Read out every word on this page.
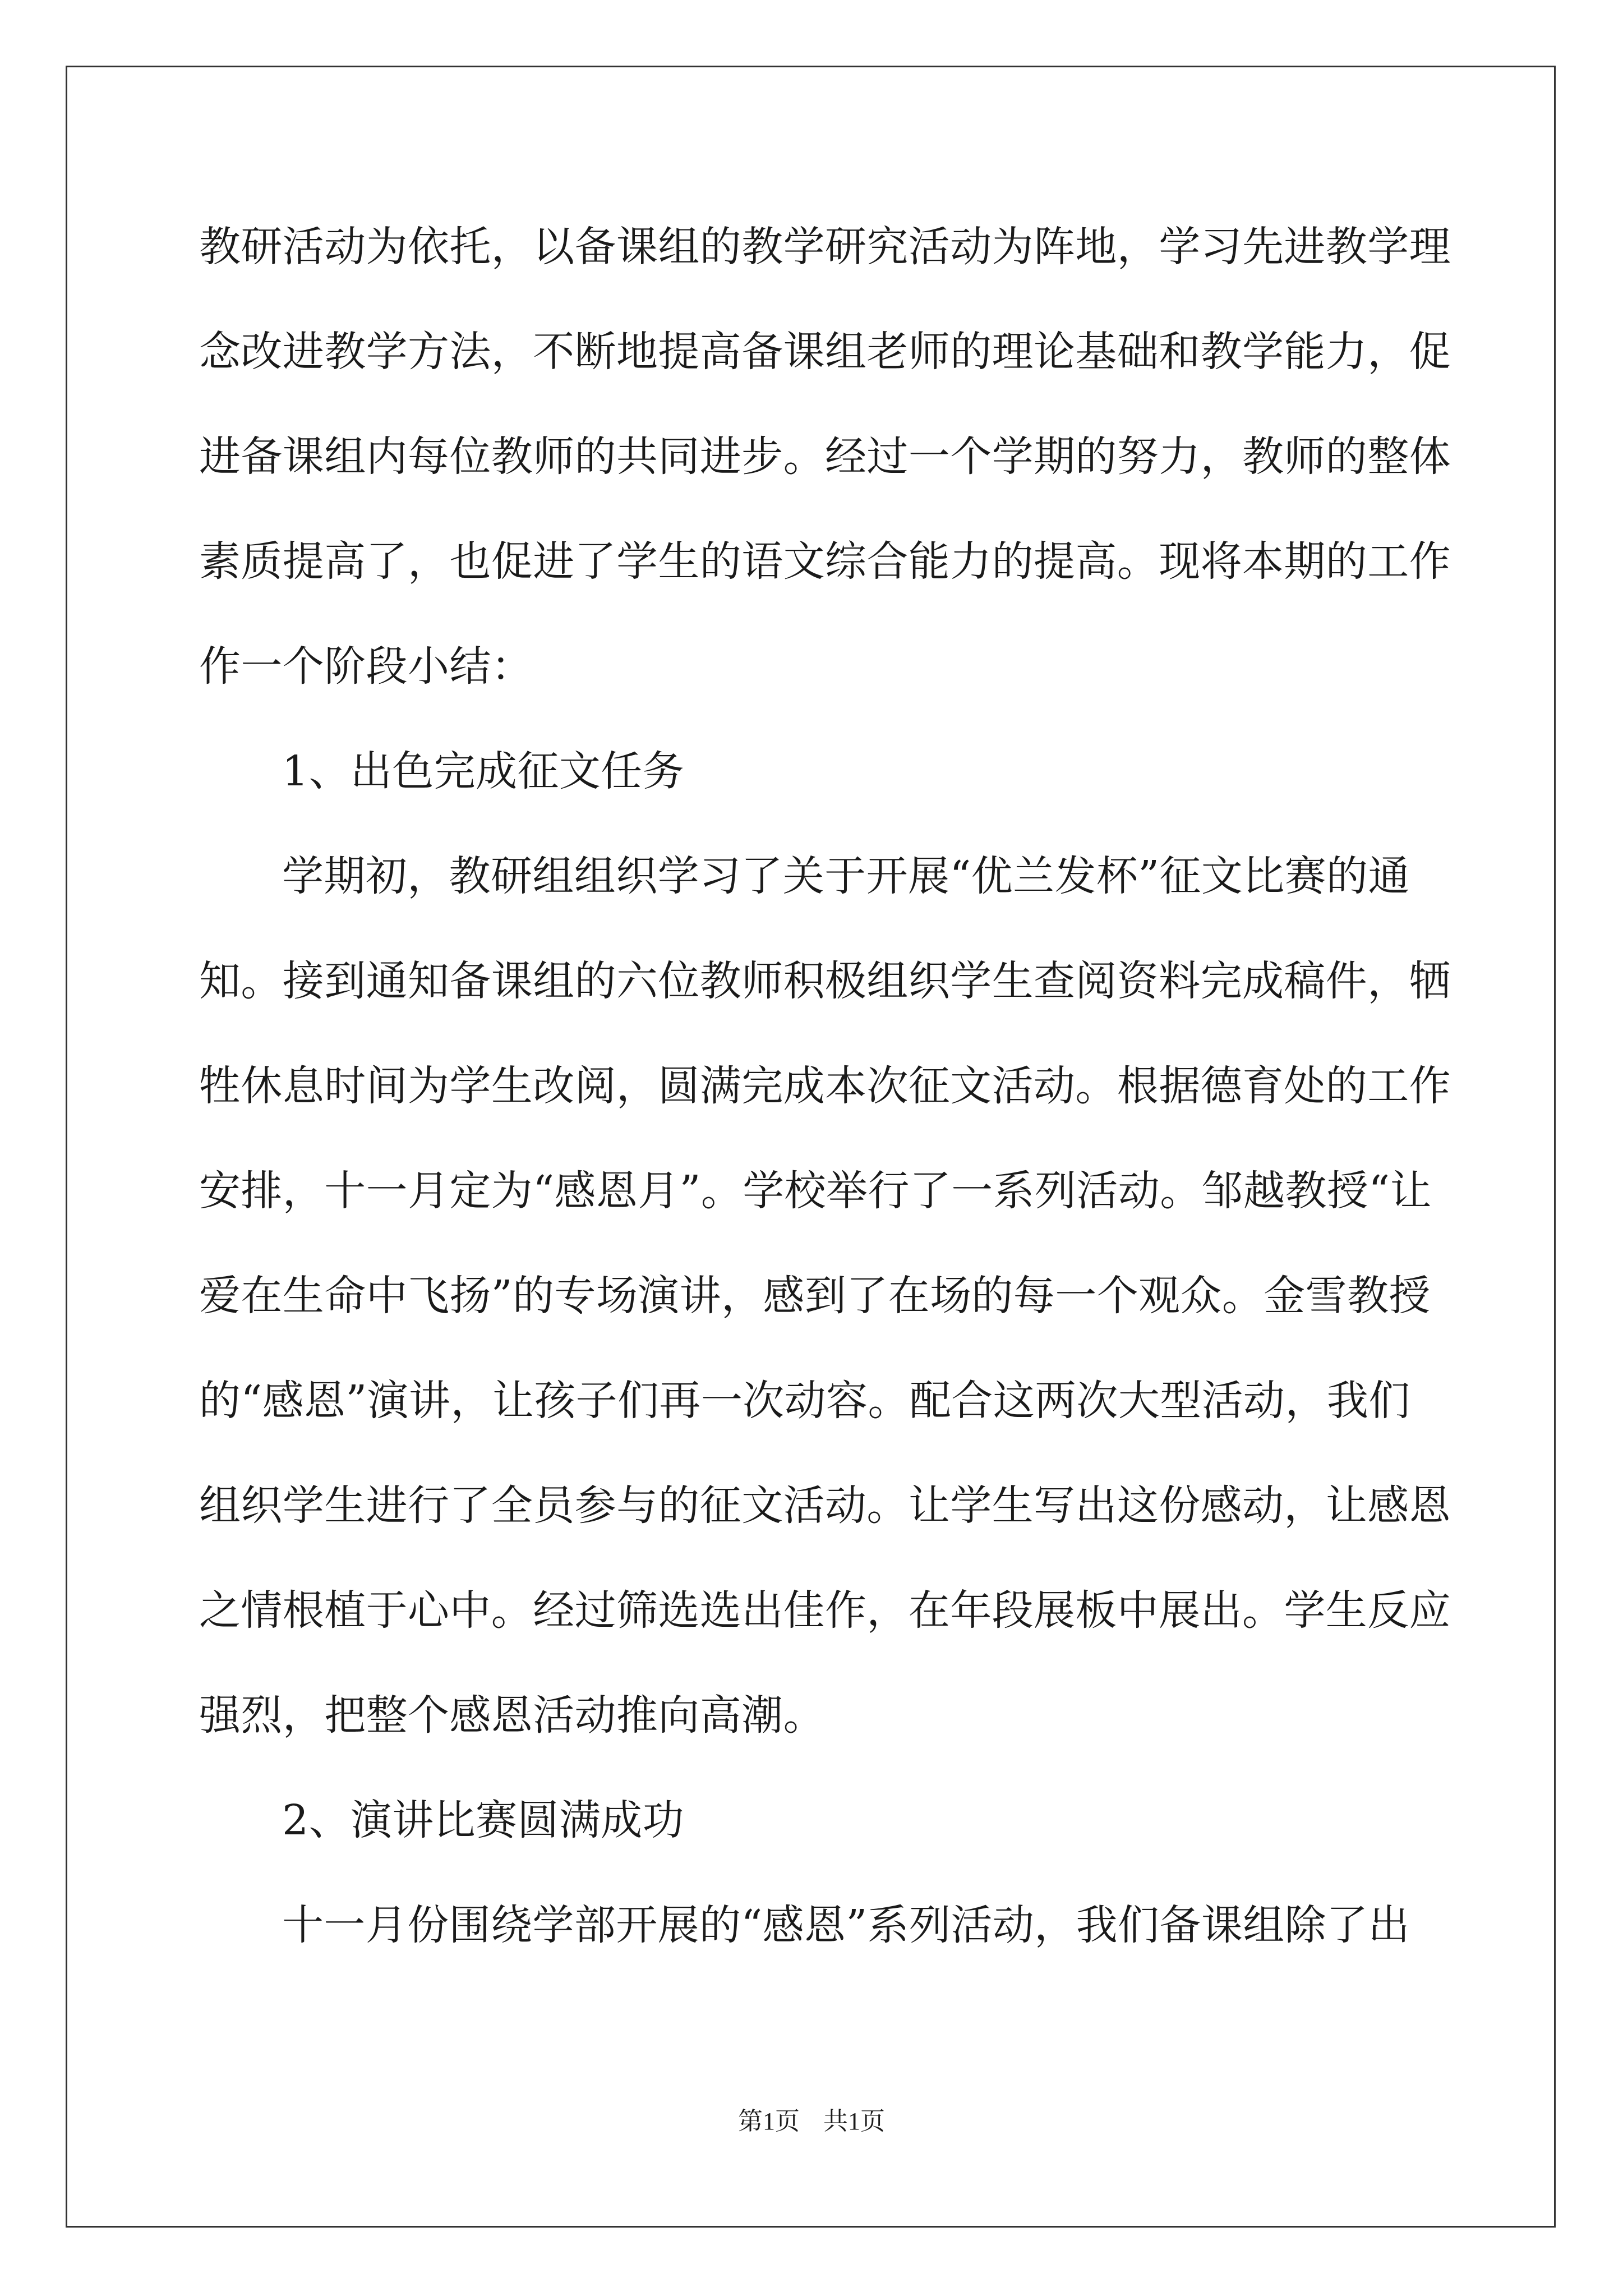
教研活动为依托，以备课组的教学研究活动为阵地，学习先进教学理
念改进教学方法，不断地提高备课组老师的理论基础和教学能力，促
进备课组内每位教师的共同进步。经过一个学期的努力，教师的整体
素质提高了，也促进了学生的语文综合能力的提高。现将本期的工作
作一个阶段小结：
1、出色完成征文任务
学期初，教研组组织学习了关于开展“优兰发杯”征文比赛的通
知。接到通知备课组的六位教师积极组织学生查阅资料完成稿件，牺
牲休息时间为学生改阅，圆满完成本次征文活动。根据德育处的工作
安排，十一月定为“感恩月”。学校举行了一系列活动。邹越教授“让
爱在生命中飞扬”的专场演讲，感到了在场的每一个观众。金雪教授
的“感恩”演讲，让孩子们再一次动容。配合这两次大型活动，我们
组织学生进行了全员参与的征文活动。让学生写出这份感动，让感恩
之情根植于心中。经过筛选选出佳作，在年段展板中展出。学生反应
强烈，把整个感恩活动推向高潮。
2、演讲比赛圆满成功
十一月份围绕学部开展的“感恩”系列活动，我们备课组除了出
第1页 共1页
